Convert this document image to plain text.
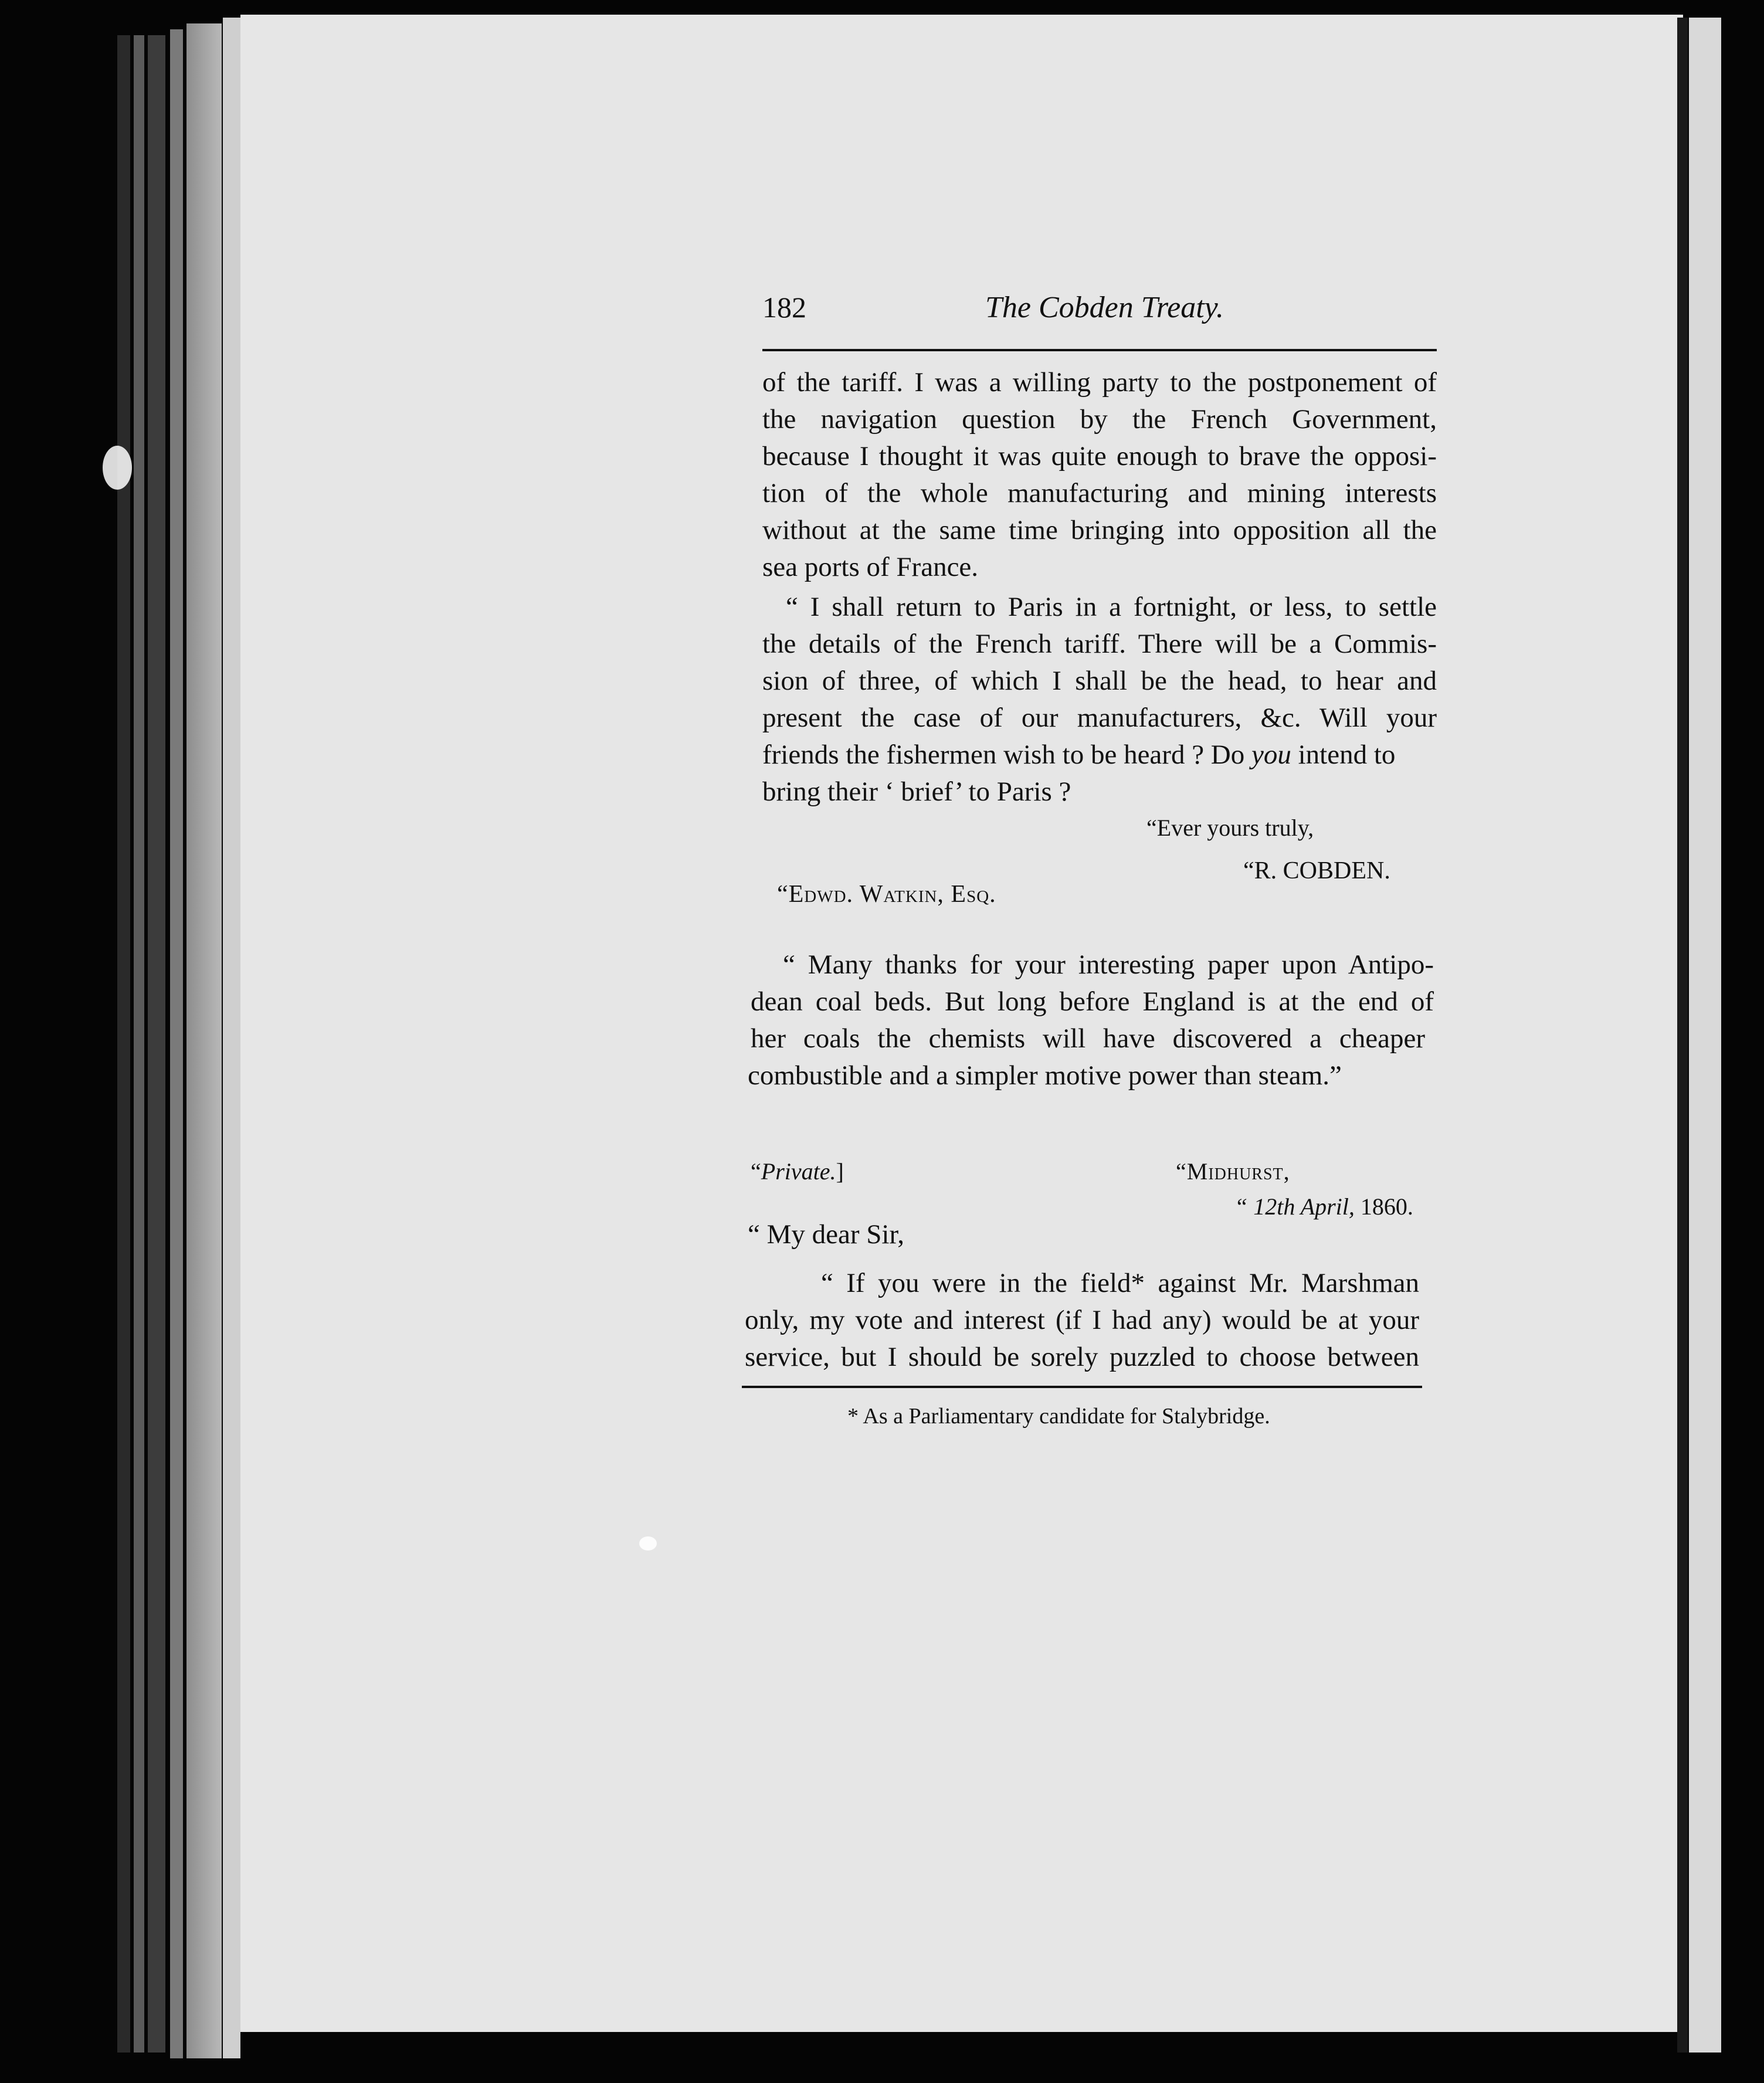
182	The Cobden Treaty.
of the tariff. I was a willing party to the postponement of
the navigation question by the French Government,
because I thought it was quite enough to brave the opposi-
tion of the whole manufacturing and mining interests
without at the same time bringing into opposition all the
sea ports of France.
“ I shall return to Paris in a fortnight, or less, to settle
the details of the French tariff. There will be a Commis-
sion of three, of which I shall be the head, to hear and
present the case of our manufacturers, &c. Will your
friends the fishermen wish to be heard ? Do you intend to
bring their ‘ brief’ to Paris ?
“Ever yours truly,
“R. COBDEN.
“Edwd. Watkin, Esq.
“ Many thanks for your interesting paper upon Antipo-
dean coal beds. But long before England is at the end of
her coals the chemists will have discovered a cheaper
combustible and a simpler motive power than steam.”
“Private.]	“Midhurst,
“ 12th April, 1860.
“ My dear Sir,
“ If you were in the field* against Mr. Marshman
only, my vote and interest (if I had any) would be at your
service, but I should be sorely puzzled to choose between
* As a Parliamentary candidate for Stalybridge.
